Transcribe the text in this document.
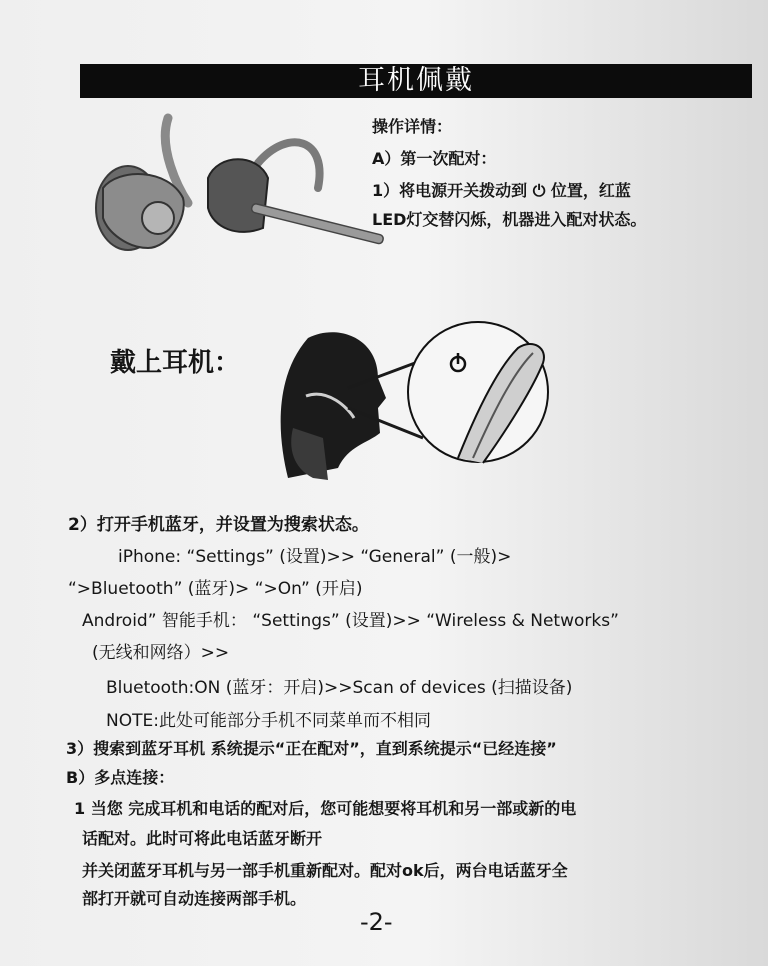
耳机佩戴
操作详情：
A）第一次配对：
1）将电源开关拨动到 ⏻ 位置，红蓝
LED灯交替闪烁，机器进入配对状态。
戴上耳机：
2）打开手机蓝牙，并设置为搜索状态。
iPhone: “Settings” (设置)>> “General” (一般)>
“>Bluetooth” (蓝牙)> “>On” (开启)
Android” 智能手机： “Settings” (设置)>> “Wireless & Networks”
(无线和网络）>>
Bluetooth:ON (蓝牙：开启)>>Scan of devices (扫描设备)
NOTE:此处可能部分手机不同菜单而不相同
3）搜索到蓝牙耳机 系统提示“正在配对”，直到系统提示“已经连接”
B）多点连接：
1 当您 完成耳机和电话的配对后，您可能想要将耳机和另一部或新的电
话配对。此时可将此电话蓝牙断开
并关闭蓝牙耳机与另一部手机重新配对。配对ok后，两台电话蓝牙全
部打开就可自动连接两部手机。
-2-
